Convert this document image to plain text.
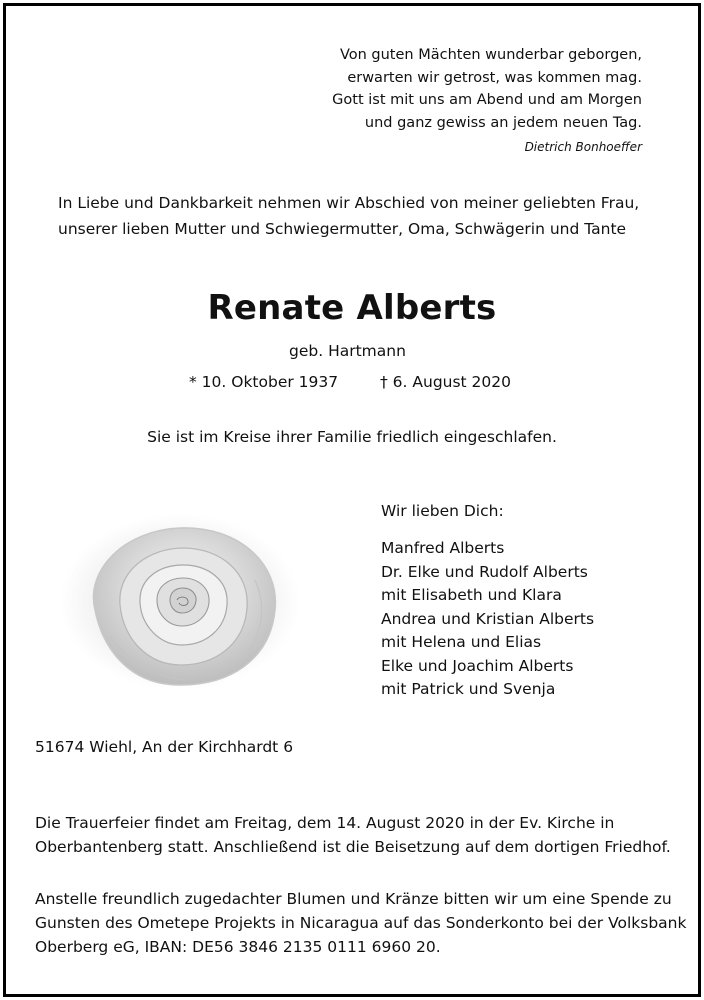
Von guten Mächten wunderbar geborgen,
erwarten wir getrost, was kommen mag.
Gott ist mit uns am Abend und am Morgen
und ganz gewiss an jedem neuen Tag.
Dietrich Bonhoeffer
In Liebe und Dankbarkeit nehmen wir Abschied von meiner geliebten Frau,
unserer lieben Mutter und Schwiegermutter, Oma, Schwägerin und Tante
Renate Alberts
geb. Hartmann
* 10. Oktober 1937	† 6. August 2020
Sie ist im Kreise ihrer Familie friedlich eingeschlafen.
Wir lieben Dich:
Manfred Alberts
Dr. Elke und Rudolf Alberts
mit Elisabeth und Klara
Andrea und Kristian Alberts
mit Helena und Elias
Elke und Joachim Alberts
mit Patrick und Svenja
51674 Wiehl, An der Kirchhardt 6
Die Trauerfeier findet am Freitag, dem 14. August 2020 in der Ev. Kirche in
Oberbantenberg statt. Anschließend ist die Beisetzung auf dem dortigen Friedhof.
Anstelle freundlich zugedachter Blumen und Kränze bitten wir um eine Spende zu
Gunsten des Ometepe Projekts in Nicaragua auf das Sonderkonto bei der Volksbank
Oberberg eG, IBAN: DE56 3846 2135 0111 6960 20.
